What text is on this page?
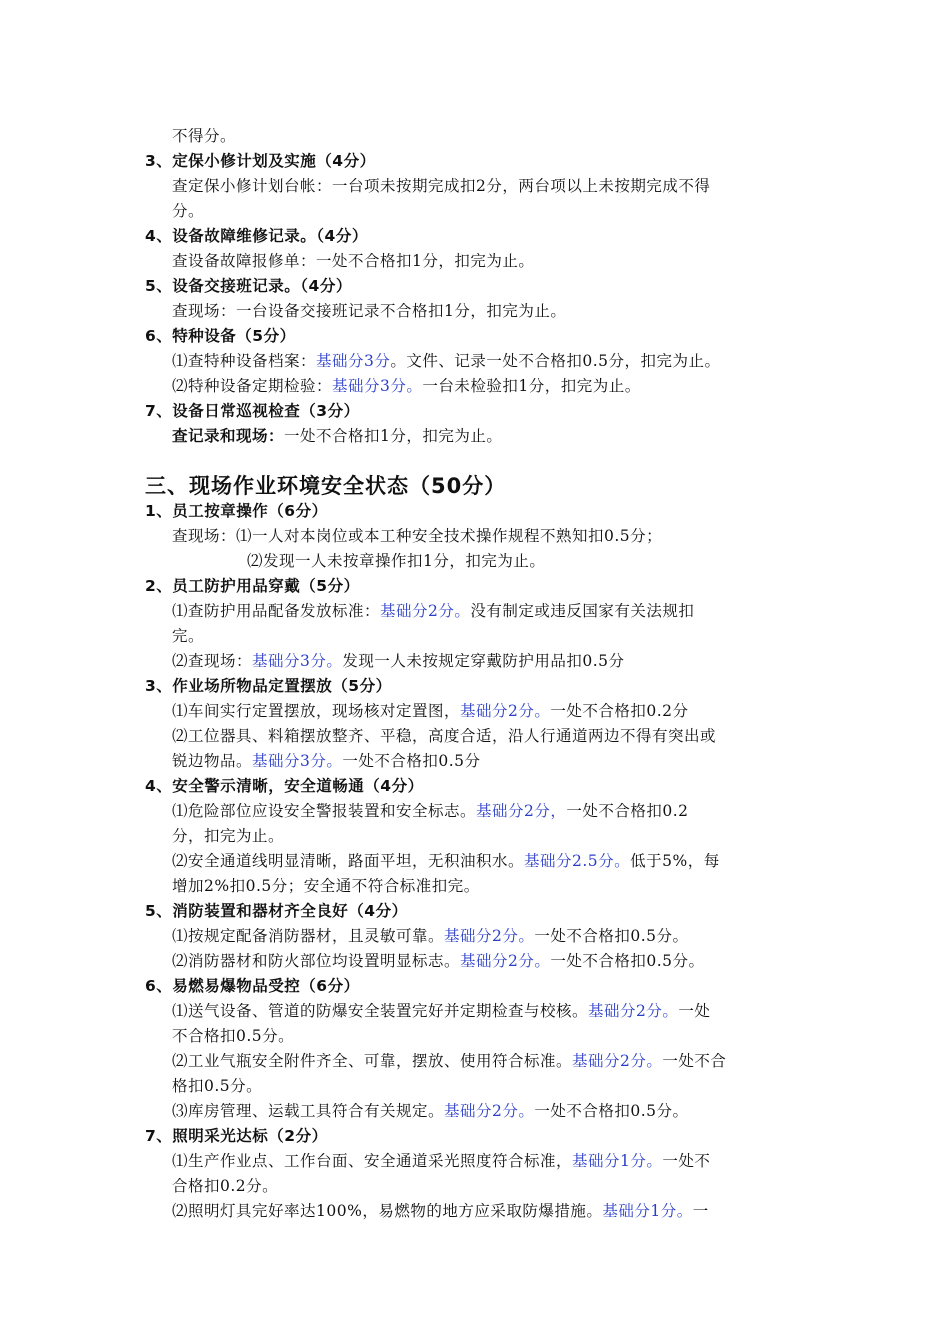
不得分。
3、定保小修计划及实施（4分）
查定保小修计划台帐：一台项未按期完成扣2分，两台项以上未按期完成不得
分。
4、设备故障维修记录。（4分）
查设备故障报修单：一处不合格扣1分，扣完为止。
5、设备交接班记录。（4分）
查现场：一台设备交接班记录不合格扣1分，扣完为止。
6、特种设备（5分）
⑴查特种设备档案：基础分3分。文件、记录一处不合格扣0.5分，扣完为止。
⑵特种设备定期检验：基础分3分。一台未检验扣1分，扣完为止。
7、设备日常巡视检查（3分）
查记录和现场：一处不合格扣1分，扣完为止。
三、现场作业环境安全状态（50分）
1、员工按章操作（6分）
查现场：⑴一人对本岗位或本工种安全技术操作规程不熟知扣0.5分；
⑵发现一人未按章操作扣1分，扣完为止。
2、员工防护用品穿戴（5分）
⑴查防护用品配备发放标准：基础分2分。没有制定或违反国家有关法规扣
完。
⑵查现场：基础分3分。发现一人未按规定穿戴防护用品扣0.5分
3、作业场所物品定置摆放（5分）
⑴车间实行定置摆放，现场核对定置图，基础分2分。一处不合格扣0.2分
⑵工位器具、料箱摆放整齐、平稳，高度合适，沿人行通道两边不得有突出或
锐边物品。基础分3分。一处不合格扣0.5分
4、安全警示清晰，安全道畅通（4分）
⑴危险部位应设安全警报装置和安全标志。基础分2分，一处不合格扣0.2
分，扣完为止。
⑵安全通道线明显清晰，路面平坦，无积油积水。基础分2.5分。低于5%，每
增加2%扣0.5分；安全通不符合标准扣完。
5、消防装置和器材齐全良好（4分）
⑴按规定配备消防器材，且灵敏可靠。基础分2分。一处不合格扣0.5分。
⑵消防器材和防火部位均设置明显标志。基础分2分。一处不合格扣0.5分。
6、易燃易爆物品受控（6分）
⑴送气设备、管道的防爆安全装置完好并定期检查与校核。基础分2分。一处
不合格扣0.5分。
⑵工业气瓶安全附件齐全、可靠，摆放、使用符合标准。基础分2分。一处不合
格扣0.5分。
⑶库房管理、运载工具符合有关规定。基础分2分。一处不合格扣0.5分。
7、照明采光达标（2分）
⑴生产作业点、工作台面、安全通道采光照度符合标准，基础分1分。一处不
合格扣0.2分。
⑵照明灯具完好率达100%，易燃物的地方应采取防爆措施。基础分1分。一
